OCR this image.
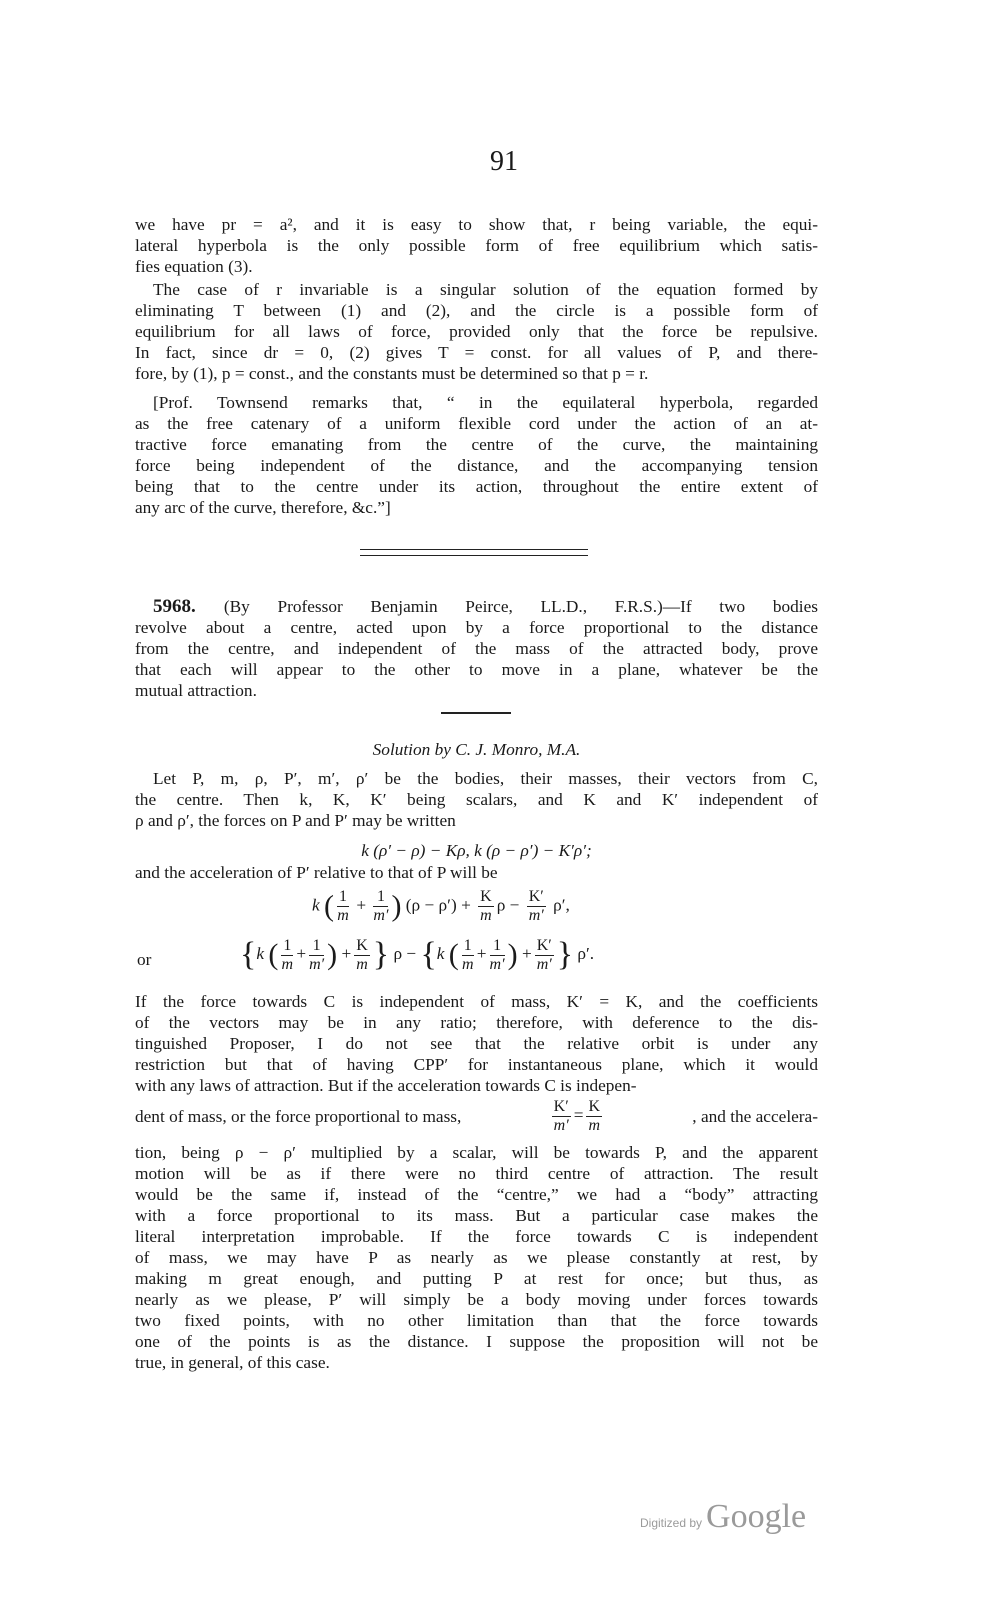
91
we have pr = a², and it is easy to show that, r being variable, the equi-
lateral hyperbola is the only possible form of free equilibrium which satis-
fies equation (3).
The case of r invariable is a singular solution of the equation formed by
eliminating T between (1) and (2), and the circle is a possible form of
equilibrium for all laws of force, provided only that the force be repulsive.
In fact, since dr = 0, (2) gives T = const. for all values of P, and there-
fore, by (1), p = const., and the constants must be determined so that p = r.
[Prof. Townsend remarks that, “ in the equilateral hyperbola, regarded
as the free catenary of a uniform flexible cord under the action of an at-
tractive force emanating from the centre of the curve, the maintaining
force being independent of the distance, and the accompanying tension
being that to the centre under its action, throughout the entire extent of
any arc of the curve, therefore, &c.”]
5968. (By Professor Benjamin Peirce, LL.D., F.R.S.)—If two bodies
revolve about a centre, acted upon by a force proportional to the distance
from the centre, and independent of the mass of the attracted body, prove
that each will appear to the other to move in a plane, whatever be the
mutual attraction.
Solution by C. J. Monro, M.A.
Let P, m, ρ, P′, m′, ρ′ be the bodies, their masses, their vectors from C,
the centre. Then k, K, K′ being scalars, and K and K′ independent of
ρ and ρ′, the forces on P and P′ may be written
k (ρ′ − ρ) − Kρ, k (ρ − ρ′) − K′ρ′;
and the acceleration of P′ relative to that of P will be
k ( $\frac{1}{m} + \frac{1}{m'}$ ) $(\rho - \rho') + \frac{K}{m}$ $\rho - \frac{K'}{m'} \rho'$,
or	{k ( $\frac{1}{m} + \frac{1}{m'}$ ) + $\frac{K}{m}$ } ρ − {k ( $\frac{1}{m} + \frac{1}{m'}$ ) + $\frac{K'}{m'}$ } ρ′.
If the force towards C is independent of mass, K′ = K, and the coefficients
of the vectors may be in any ratio; therefore, with deference to the dis-
tinguished Proposer, I do not see that the relative orbit is under any
restriction but that of having CPP′ for instantaneous plane, which it would
with any laws of attraction. But if the acceleration towards C is indepen-
dent of mass, or the force proportional to mass,	$\frac{K'}{m'} = \frac{K}{m}$	, and the accelera-
tion, being ρ − ρ′ multiplied by a scalar, will be towards P, and the apparent
motion will be as if there were no third centre of attraction. The result
would be the same if, instead of the “centre,” we had a “body” attracting
with a force proportional to its mass. But a particular case makes the
literal interpretation improbable. If the force towards C is independent
of mass, we may have P as nearly as we please constantly at rest, by
making m great enough, and putting P at rest for once; but thus, as
nearly as we please, P′ will simply be a body moving under forces towards
two fixed points, with no other limitation than that the force towards
one of the points is as the distance. I suppose the proposition will not be
true, in general, of this case.
Digitized by Google
